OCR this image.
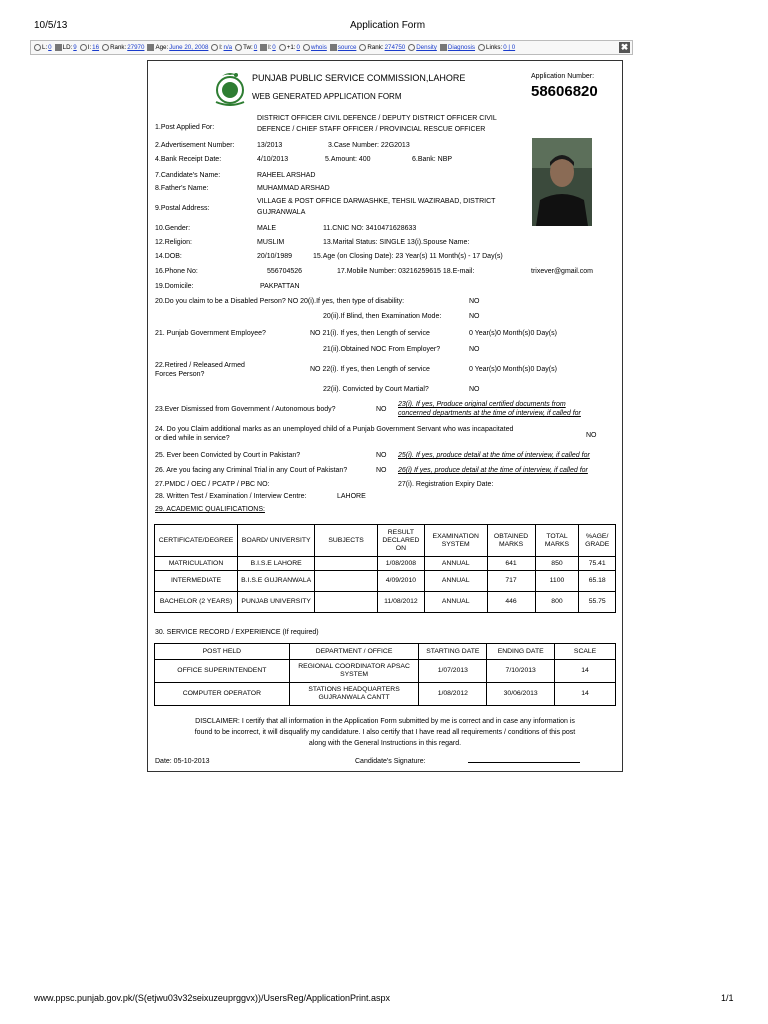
10/5/13	Application Form
L: 0 LD: 9 I: 16 Rank: 27970 Age: June 20, 2008 l: n/a Tw: 0 l: 0 +1: 0 whois source Rank: 274750 Density Diagnosis Links: 0 | 0	✖
PUNJAB PUBLIC SERVICE COMMISSION,LAHORE
WEB GENERATED APPLICATION FORM
Application Number:
58606820
1.Post Applied For:
DISTRICT OFFICER CIVIL DEFENCE / DEPUTY DISTRICT OFFICER CIVIL
DEFENCE / CHIEF STAFF OFFICER / PROVINCIAL RESCUE OFFICER
2.Advertisement Number:	13/2013	3.Case Number: 22G2013
4.Bank Receipt Date:	4/10/2013	5.Amount: 400	6.Bank: NBP
7.Candidate's Name:	RAHEEL ARSHAD
8.Father's Name:	MUHAMMAD ARSHAD
9.Postal Address:
VILLAGE & POST OFFICE DARWASHKE, TEHSIL WAZIRABAD, DISTRICT
GUJRANWALA
10.Gender:	MALE	11.CNIC NO: 3410471628633
12.Religion:	MUSLIM	13.Marital Status: SINGLE 13(i).Spouse Name:
14.DOB:	20/10/1989	15.Age (on Closing Date): 23 Year(s) 11 Month(s) - 17 Day(s)
16.Phone No:	556704526	17.Mobile Number: 03216259615 18.E-mail:	trixever@gmail.com
19.Domicile:	PAKPATTAN
20.Do you claim to be a Disabled Person? NO 20(i).If yes, then type of disability:	NO
20(ii).If Blind, then Examination Mode:	NO
21. Punjab Government Employee?	NO 21(i). If yes, then Length of service	0 Year(s)0 Month(s)0 Day(s)
21(ii).Obtained NOC From Employer?	NO
22.Retired / Released Armed
Forces Person?
NO 22(i). If yes, then Length of service	0 Year(s)0 Month(s)0 Day(s)
22(ii). Convicted by Court Martial?	NO
23.Ever Dismissed from Government / Autonomous body?	NO
23(i). If yes, Produce original certified documents from
concerned departments at the time of interview, if called for
24. Do you Claim additional marks as an unemployed child of a Punjab Government Servant who was incapacitated
or died while in service?	NO
25. Ever been Convicted by Court in Pakistan?	NO 25(i). If yes, produce detail at the time of interview, if called for
26. Are you facing any Criminal Trial in any Court of Pakistan?	NO 26(i) If yes, produce detail at the time of interview, if called for
27.PMDC / OEC / PCATP / PBC NO:	27(i). Registration Expiry Date:
28. Written Test / Examination / Interview Centre:	LAHORE
29. ACADEMIC QUALIFICATIONS:
CERTIFICATE/DEGREE	BOARD/ UNIVERSITY	SUBJECTS	RESULT DECLARED ON	EXAMINATION SYSTEM	OBTAINED MARKS	TOTAL MARKS	%AGE/ GRADE
MATRICULATION	B.I.S.E LAHORE		1/08/2008	ANNUAL	641	850	75.41
INTERMEDIATE	B.I.S.E GUJRANWALA		4/09/2010	ANNUAL	717	1100	65.18
BACHELOR (2 YEARS)	PUNJAB UNIVERSITY		11/08/2012	ANNUAL	446	800	55.75
30. SERVICE RECORD / EXPERIENCE (If required)
POST HELD	DEPARTMENT / OFFICE	STARTING DATE	ENDING DATE	SCALE
OFFICE SUPERINTENDENT	REGIONAL COORDINATOR APSAC SYSTEM	1/07/2013	7/10/2013	14
COMPUTER OPERATOR	STATIONS HEADQUARTERS GUJRANWALA CANTT	1/08/2012	30/06/2013	14
DISCLAIMER: I certify that all information in the Application Form submitted by me is correct and in case any information is
found to be incorrect, it will disqualify my candidature. I also certify that I have read all requirements / conditions of this post
along with the General Instructions in this regard.
Date: 05-10-2013	Candidate's Signature:
www.ppsc.punjab.gov.pk/(S(etjwu03v32seixuzeuprggvx))/UsersReg/ApplicationPrint.aspx	1/1
